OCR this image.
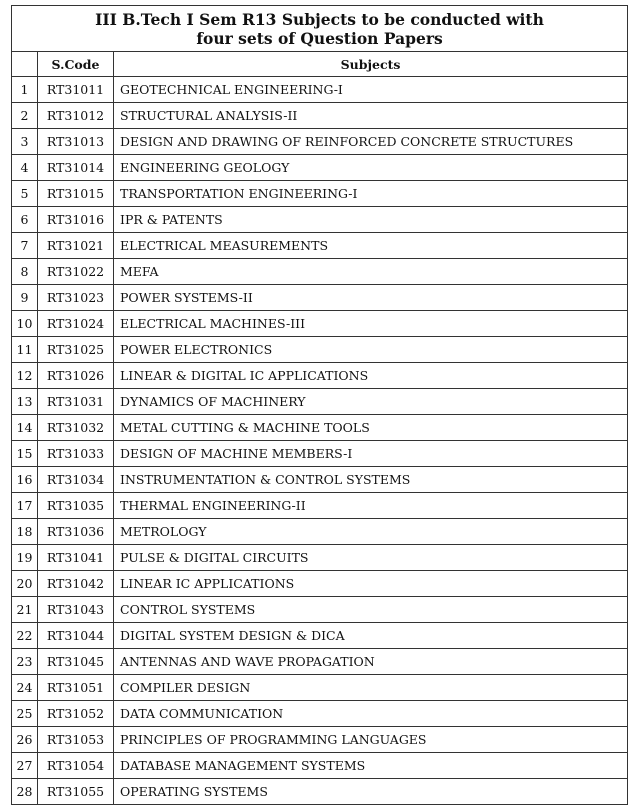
III B.Tech I Sem R13 Subjects to be conducted with
four sets of Question Papers		

	S.Code	Subjects
1	RT31011	GEOTECHNICAL ENGINEERING-I
2	RT31012	STRUCTURAL ANALYSIS-II
3	RT31013	DESIGN AND DRAWING OF REINFORCED CONCRETE STRUCTURES
4	RT31014	ENGINEERING GEOLOGY
5	RT31015	TRANSPORTATION ENGINEERING-I
6	RT31016	IPR & PATENTS
7	RT31021	ELECTRICAL MEASUREMENTS
8	RT31022	MEFA
9	RT31023	POWER SYSTEMS-II
10	RT31024	ELECTRICAL MACHINES-III
11	RT31025	POWER ELECTRONICS
12	RT31026	LINEAR & DIGITAL IC APPLICATIONS
13	RT31031	DYNAMICS OF MACHINERY
14	RT31032	METAL CUTTING & MACHINE TOOLS
15	RT31033	DESIGN OF MACHINE MEMBERS-I
16	RT31034	INSTRUMENTATION & CONTROL SYSTEMS
17	RT31035	THERMAL ENGINEERING-II
18	RT31036	METROLOGY
19	RT31041	PULSE & DIGITAL CIRCUITS
20	RT31042	LINEAR IC APPLICATIONS
21	RT31043	CONTROL SYSTEMS
22	RT31044	DIGITAL SYSTEM DESIGN & DICA
23	RT31045	ANTENNAS AND WAVE PROPAGATION
24	RT31051	COMPILER DESIGN
25	RT31052	DATA COMMUNICATION
26	RT31053	PRINCIPLES OF PROGRAMMING LANGUAGES
27	RT31054	DATABASE MANAGEMENT SYSTEMS
28	RT31055	OPERATING SYSTEMS
